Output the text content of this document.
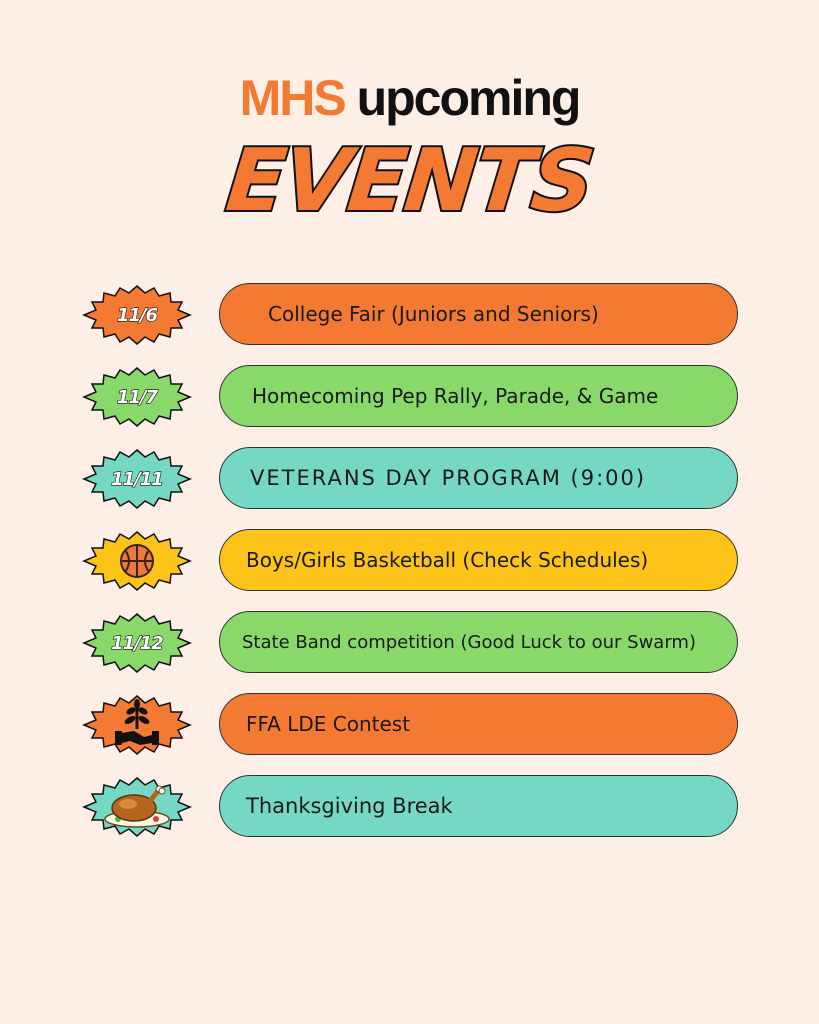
MHS upcoming
EVENTS
11/6	College Fair (Juniors and Seniors)
11/7	Homecoming Pep Rally, Parade, & Game
11/11	VETERANS DAY PROGRAM (9:00)
Boys/Girls Basketball (Check Schedules)
11/12	State Band competition (Good Luck to our Swarm)
FFA LDE Contest
Thanksgiving Break
